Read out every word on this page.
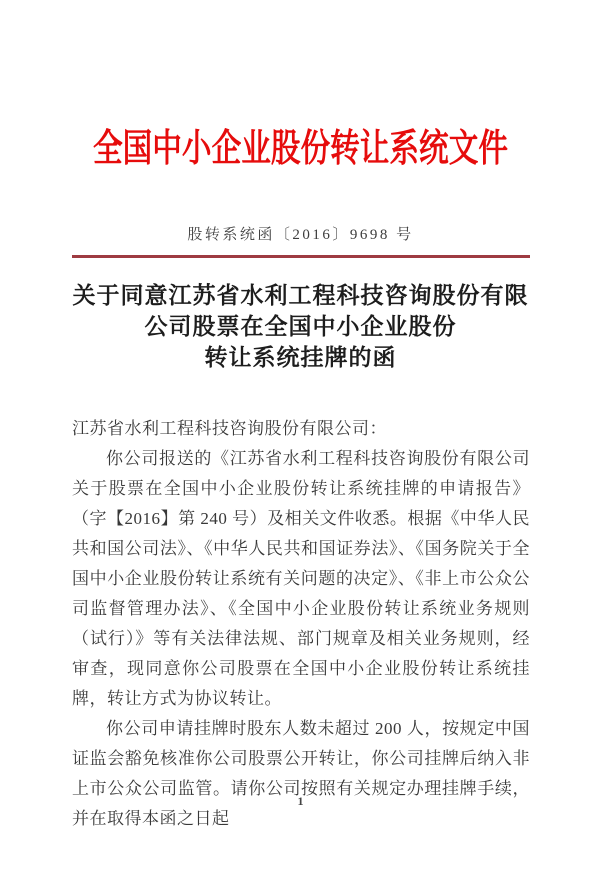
全国中小企业股份转让系统文件
股转系统函〔2016〕9698 号
关于同意江苏省水利工程科技咨询股份有限
公司股票在全国中小企业股份
转让系统挂牌的函

江苏省水利工程科技咨询股份有限公司：

你公司报送的《江苏省水利工程科技咨询股份有限公司关于股票在全国中小企业股份转让系统挂牌的申请报告》（字【2016】第 240 号）及相关文件收悉。根据《中华人民共和国公司法》、《中华人民共和国证券法》、《国务院关于全国中小企业股份转让系统有关问题的决定》、《非上市公众公司监督管理办法》、《全国中小企业股份转让系统业务规则（试行）》等有关法律法规、部门规章及相关业务规则，经审查，现同意你公司股票在全国中小企业股份转让系统挂牌，转让方式为协议转让。

你公司申请挂牌时股东人数未超过 200 人，按规定中国证监会豁免核准你公司股票公开转让，你公司挂牌后纳入非上市公众公司监管。请你公司按照有关规定办理挂牌手续，并在取得本函之日起

1
